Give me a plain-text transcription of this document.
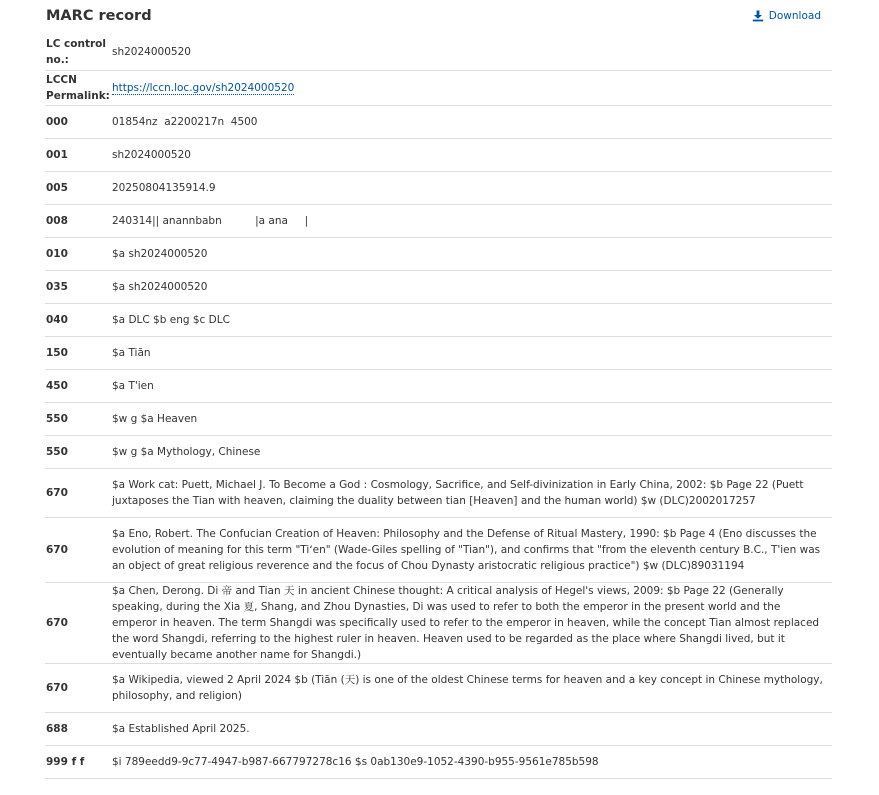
MARC record	Download
LC control no.:	sh2024000520
LCCN Permalink:	https://lccn.loc.gov/sh2024000520
000	01854nz  a2200217n  4500
001	sh2024000520
005	20250804135914.9
008	240314|| anannbabn          |a ana     |
010	$a sh2024000520
035	$a sh2024000520
040	$a DLC $b eng $c DLC
150	$a Tiān
450	$a T'ien
550	$w g $a Heaven
550	$w g $a Mythology, Chinese
670	$a Work cat: Puett, Michael J. To Become a God : Cosmology, Sacrifice, and Self-divinization in Early China, 2002: $b Page 22 (Puett juxtaposes the Tian with heaven, claiming the duality between tian [Heaven] and the human world) $w (DLC)2002017257
670	$a Eno, Robert. The Confucian Creation of Heaven: Philosophy and the Defense of Ritual Mastery, 1990: $b Page 4 (Eno discusses the evolution of meaning for this term "Tiʻen" (Wade-Giles spelling of "Tian"), and confirms that "from the eleventh century B.C., T'ien was an object of great religious reverence and the focus of Chou Dynasty aristocratic religious practice") $w (DLC)89031194
670	$a Chen, Derong. Di 帝 and Tian 天 in ancient Chinese thought: A critical analysis of Hegel's views, 2009: $b Page 22 (Generally speaking, during the Xia 夏, Shang, and Zhou Dynasties, Di was used to refer to both the emperor in the present world and the emperor in heaven. The term Shangdi was specifically used to refer to the emperor in heaven, while the concept Tian almost replaced the word Shangdi, referring to the highest ruler in heaven. Heaven used to be regarded as the place where Shangdi lived, but it eventually became another name for Shangdi.)
670	$a Wikipedia, viewed 2 April 2024 $b (Tiān (天) is one of the oldest Chinese terms for heaven and a key concept in Chinese mythology, philosophy, and religion)
688	$a Established April 2025.
999 f f	$i 789eedd9-9c77-4947-b987-667797278c16 $s 0ab130e9-1052-4390-b955-9561e785b598
